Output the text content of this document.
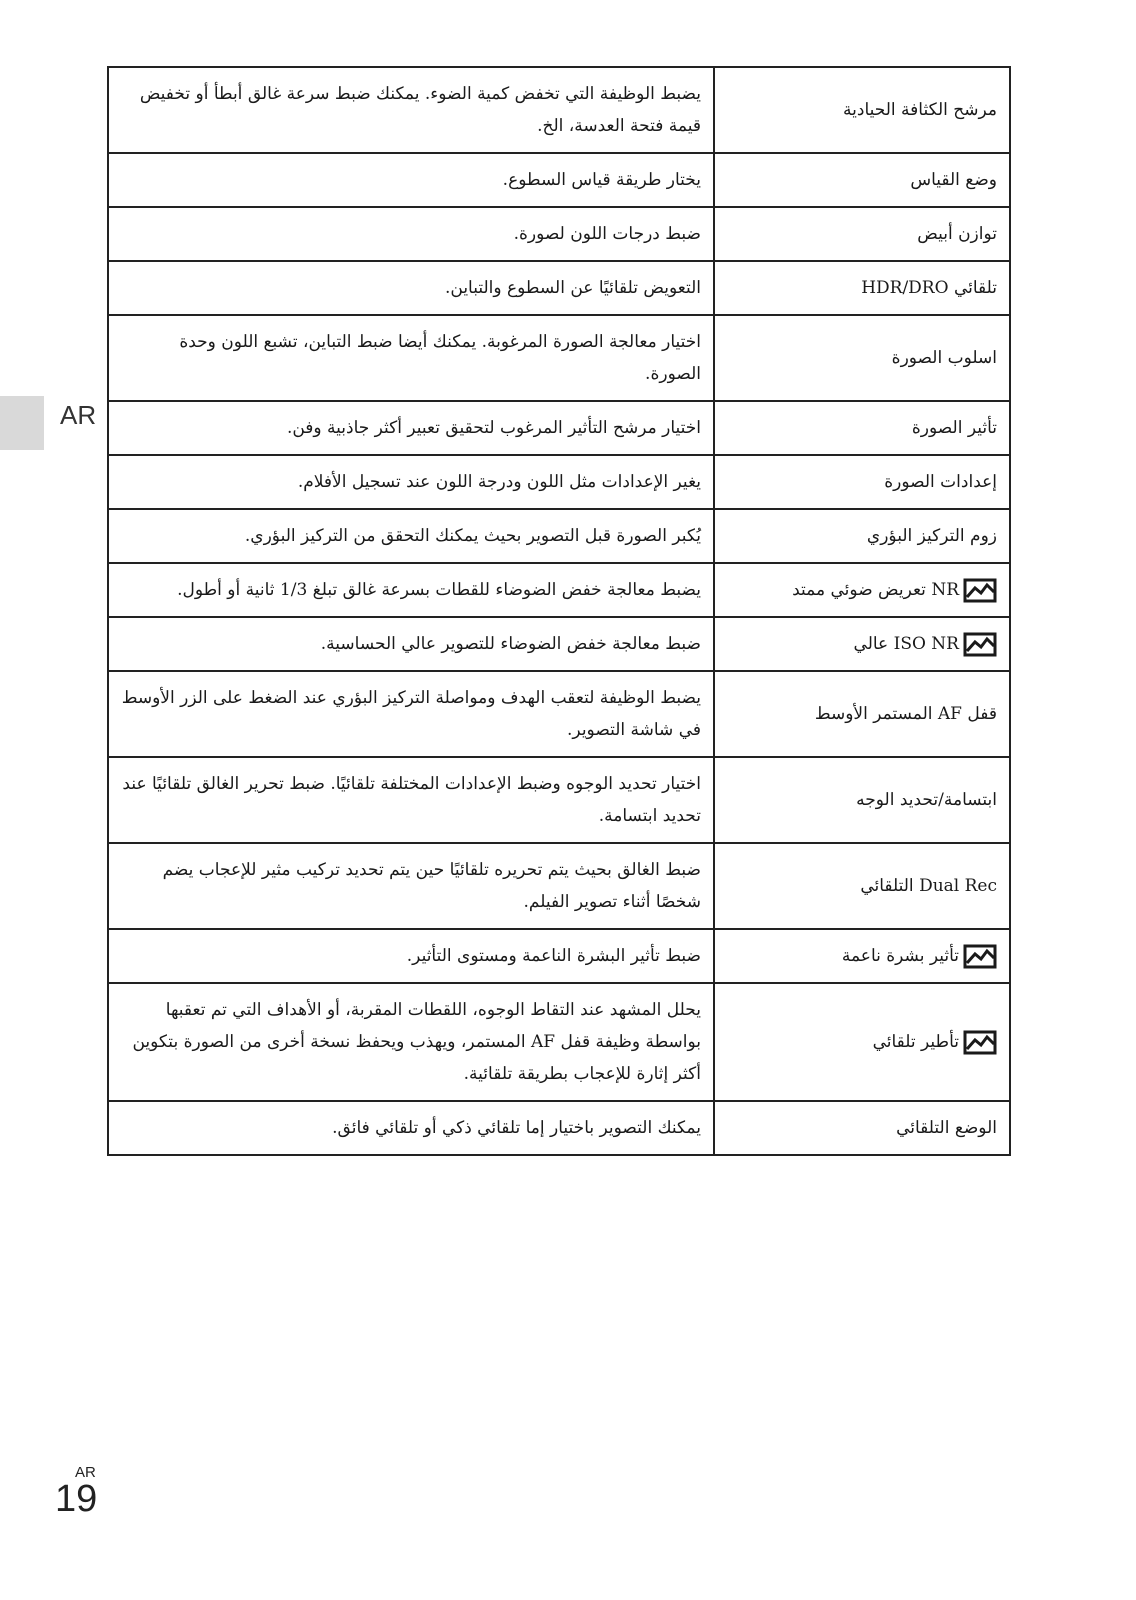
AR
يضبط الوظيفة التي تخفض كمية الضوء. يمكنك ضبط سرعة غالق أبطأ أو تخفيض قيمة فتحة العدسة، الخ.	مرشح الكثافة الحيادية
يختار طريقة قياس السطوع.	وضع القياس
ضبط درجات اللون لصورة.	توازن أبيض
التعويض تلقائيًا عن السطوع والتباين.	تلقائي HDR/DRO
اختيار معالجة الصورة المرغوبة. يمكنك أيضا ضبط التباين، تشبع اللون وحدة الصورة.	اسلوب الصورة
اختيار مرشح التأثير المرغوب لتحقيق تعبير أكثر جاذبية وفن.	تأثير الصورة
يغير الإعدادات مثل اللون ودرجة اللون عند تسجيل الأفلام.	إعدادات الصورة
يُكبر الصورة قبل التصوير بحيث يمكنك التحقق من التركيز البؤري.	زوم التركيز البؤري
يضبط معالجة خفض الضوضاء للقطات بسرعة غالق تبلغ 1/3 ثانية أو أطول.	NR تعريض ضوئي ممتد
ضبط معالجة خفض الضوضاء للتصوير عالي الحساسية.	ISO NR عالي
يضبط الوظيفة لتعقب الهدف ومواصلة التركيز البؤري عند الضغط على الزر الأوسط في شاشة التصوير.	قفل AF المستمر الأوسط
اختيار تحديد الوجوه وضبط الإعدادات المختلفة تلقائيًا. ضبط تحرير الغالق تلقائيًا عند تحديد ابتسامة.	ابتسامة/تحديد الوجه
ضبط الغالق بحيث يتم تحريره تلقائيًا حين يتم تحديد تركيب مثير للإعجاب يضم شخصًا أثناء تصوير الفيلم.	Dual Rec التلقائي
ضبط تأثير البشرة الناعمة ومستوى التأثير.	تأثير بشرة ناعمة
يحلل المشهد عند التقاط الوجوه، اللقطات المقربة، أو الأهداف التي تم تعقبها بواسطة وظيفة قفل AF المستمر، ويهذب ويحفظ نسخة أخرى من الصورة بتكوين أكثر إثارة للإعجاب بطريقة تلقائية.	تأطير تلقائي
يمكنك التصوير باختيار إما تلقائي ذكي أو تلقائي فائق.	الوضع التلقائي
AR
19
